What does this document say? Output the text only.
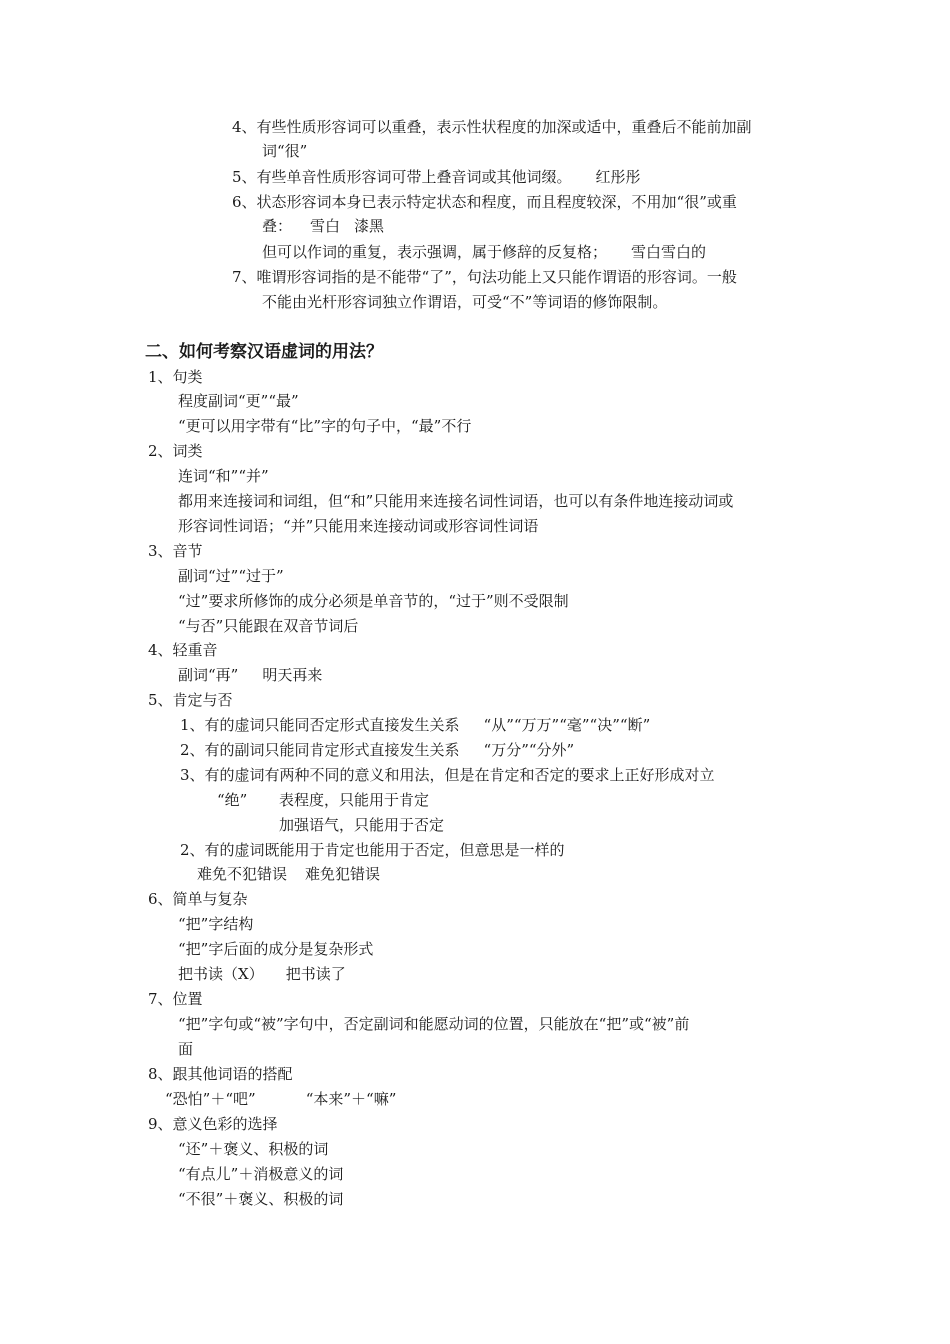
4、有些性质形容词可以重叠，表示性状程度的加深或适中，重叠后不能前加副
词“很”
5、有些单音性质形容词可带上叠音词或其他词缀。 红彤彤
6、状态形容词本身已表示特定状态和程度，而且程度较深，不用加“很”或重
叠： 雪白 漆黑
但可以作词的重复，表示强调，属于修辞的反复格； 雪白雪白的
7、唯谓形容词指的是不能带“了”，句法功能上又只能作谓语的形容词。一般
不能由光杆形容词独立作谓语，可受“不”等词语的修饰限制。
二、如何考察汉语虚词的用法？
1、句类
程度副词“更”“最”
“更可以用字带有“比”字的句子中，“最”不行
2、词类
连词“和”“并”
都用来连接词和词组，但“和”只能用来连接名词性词语，也可以有条件地连接动词或
形容词性词语；“并”只能用来连接动词或形容词性词语
3、音节
副词“过”“过于”
“过”要求所修饰的成分必须是单音节的，“过于”则不受限制
“与否”只能跟在双音节词后
4、轻重音
副词“再” 明天再来
5、肯定与否
1、有的虚词只能同否定形式直接发生关系 “从”“万万”“毫”“决”“断”
2、有的副词只能同肯定形式直接发生关系 “万分”“分外”
3、有的虚词有两种不同的意义和用法，但是在肯定和否定的要求上正好形成对立
“绝” 表程度，只能用于肯定
加强语气，只能用于否定
2、有的虚词既能用于肯定也能用于否定，但意思是一样的
难免不犯错误 难免犯错误
6、简单与复杂
“把”字结构
“把”字后面的成分是复杂形式
把书读（X） 把书读了
7、位置
“把”字句或“被”字句中，否定副词和能愿动词的位置，只能放在“把”或“被”前
面
8、跟其他词语的搭配
“恐怕”＋“吧”	“本来”＋“嘛”
9、意义色彩的选择
“还”＋褒义、积极的词
“有点儿”＋消极意义的词
“不很”＋褒义、积极的词
